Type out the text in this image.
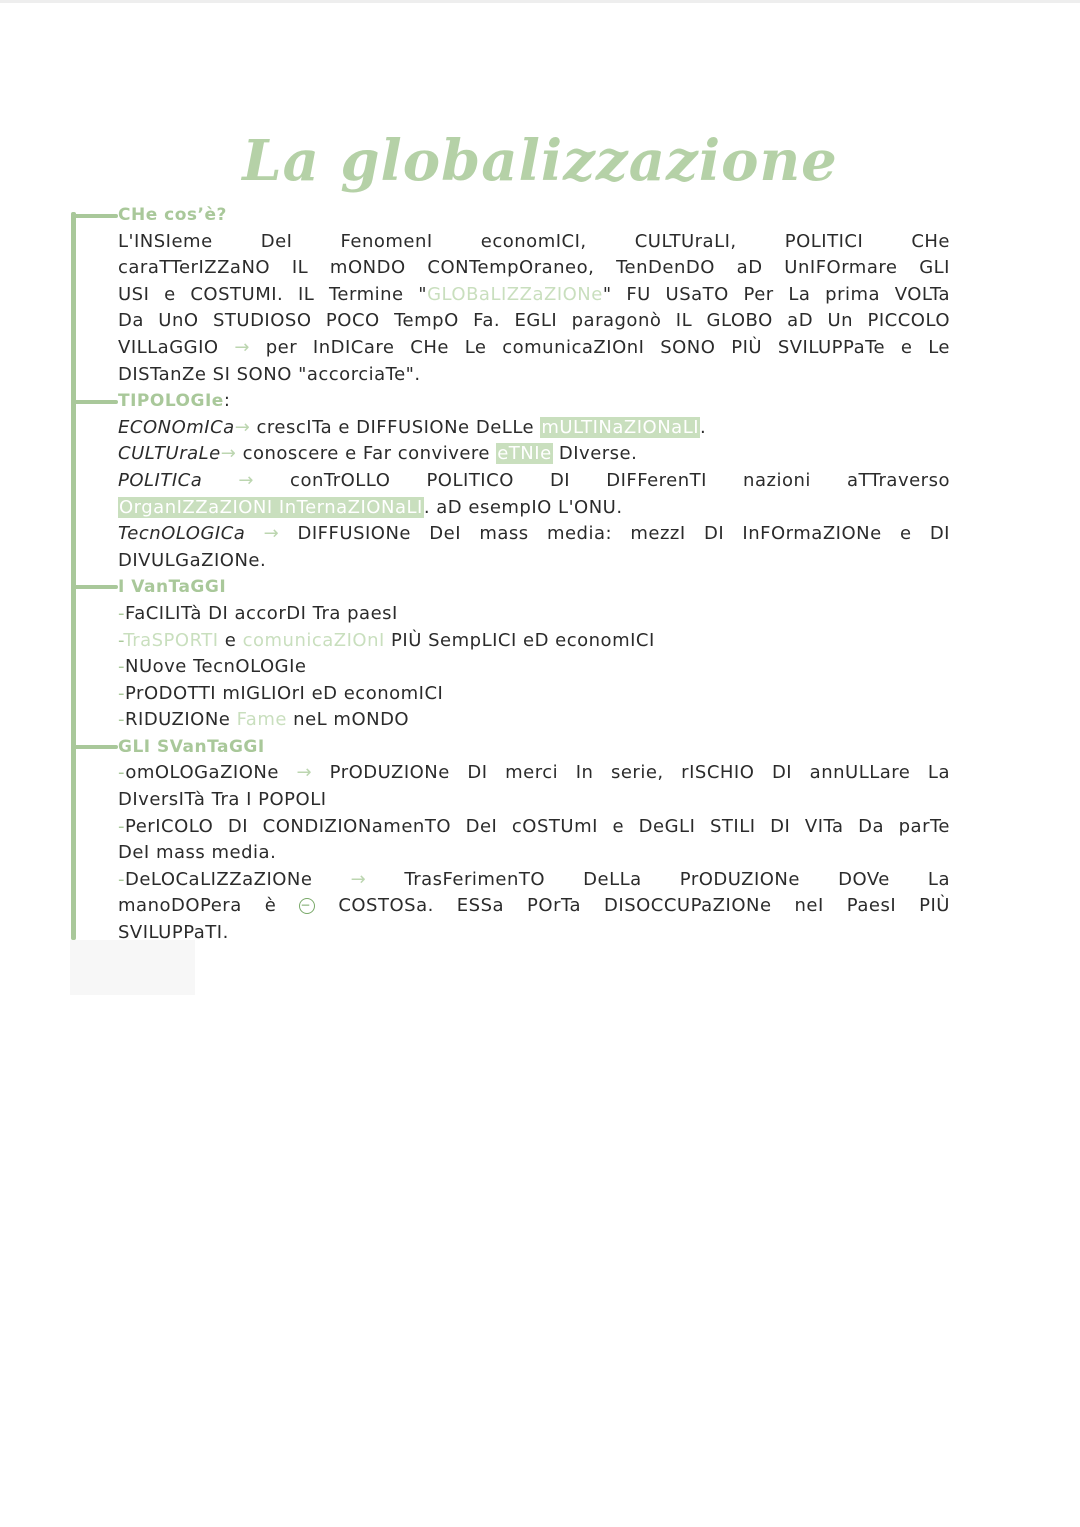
La globalizzazione
CHe cos’è?
L'INSIeme DeI FenomenI economICI, CULTUraLI, POLITICI CHe
caraTTerIZZaNO IL mONDO CONTempOraneo, TenDenDO aD UnIFOrmare GLI
USI e COSTUMI. IL Termine "GLOBaLIZZaZIONe" FU USaTO Per La prima VOLTa
Da UnO STUDIOSO POCO TempO Fa. EGLI paragonò IL GLOBO aD Un PICCOLO
VILLaGGIO → per InDICare CHe Le comunicaZIOnI SONO PIÙ SVILUPPaTe e Le
DISTanZe SI SONO "accorciaTe".
TIPOLOGIe:
ECONOmICa→ crescITa e DIFFUSIONe DeLLe mULTINaZIONaLI.
CULTUraLe→ conoscere e Far convivere eTNIe DIverse.
POLITICa → conTrOLLO POLITICO DI DIFFerenTI nazioni aTTraverso
OrganIZZaZIONI InTernaZIONaLI. aD esempIO L'ONU.
TecnOLOGICa → DIFFUSIONe DeI mass media: mezzI DI InFOrmaZIONe e DI
DIVULGaZIONe.
I VanTaGGI
-FaCILITà DI accorDI Tra paesI
-TraSPORTI e comunicaZIOnI PIÙ SempLICI eD economICI
-NUove TecnOLOGIe
-PrODOTTI mIGLIOrI eD economICI
-RIDUZIONe Fame neL mONDO
GLI SVanTaGGI
-omOLOGaZIONe → PrODUZIONe DI merci In serie, rISCHIO DI annULLare La
DIversITà Tra I POPOLI
-PerICOLO DI CONDIZIONamenTO DeI cOSTUmI e DeGLI STILI DI VITa Da parTe
DeI mass media.
-DeLOCaLIZZaZIONe → TrasFerimenTO DeLLa PrODUZIONe DOVe La
manoDOPera è − COSTOSa. ESSa POrTa DISOCCUPaZIONe neI PaesI PIÙ
SVILUPPaTI.
